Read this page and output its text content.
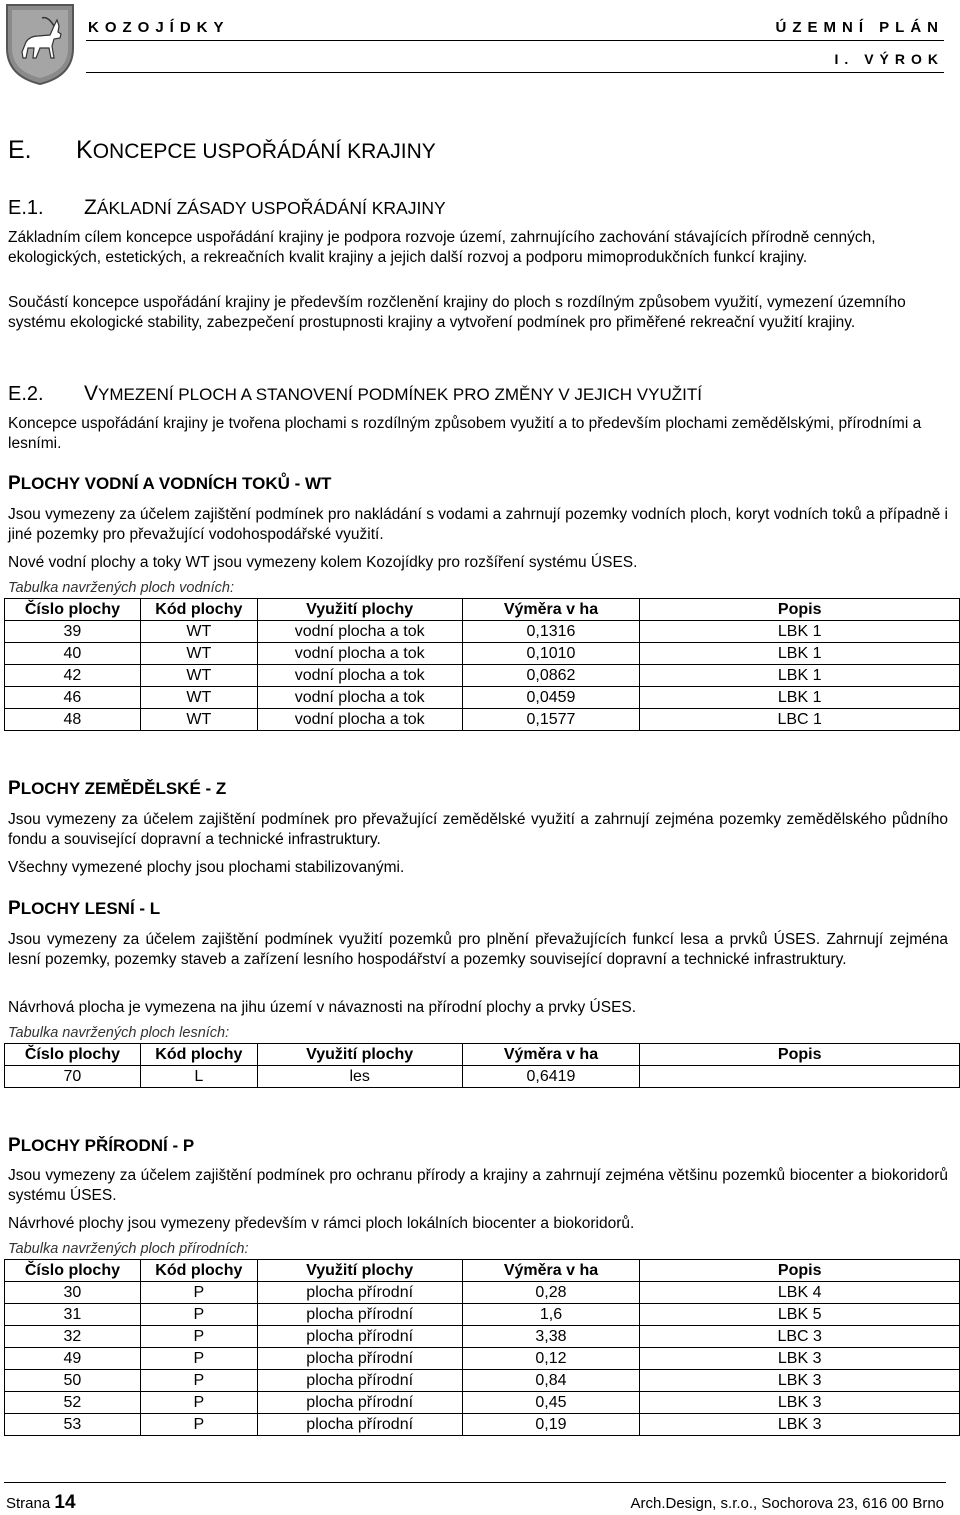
KOZOJÍDKY	ÚZEMNÍ PLÁN
I. VÝROK
E. KONCEPCE USPOŘÁDÁNÍ KRAJINY
E.1. ZÁKLADNÍ ZÁSADY USPOŘÁDÁNÍ KRAJINY
Základním cílem koncepce uspořádání krajiny je podpora rozvoje území, zahrnujícího zachování stávajících přírodně cenných, ekologických, estetických, a rekreačních kvalit krajiny a jejich další rozvoj a podporu mimoprodukčních funkcí krajiny.
Součástí koncepce uspořádání krajiny je především rozčlenění krajiny do ploch s rozdílným způsobem využití, vymezení územního systému ekologické stability, zabezpečení prostupnosti krajiny a vytvoření podmínek pro přiměřené rekreační využití krajiny.
E.2. VYMEZENÍ PLOCH A STANOVENÍ PODMÍNEK PRO ZMĚNY V JEJICH VYUŽITÍ
Koncepce uspořádání krajiny je tvořena plochami s rozdílným způsobem využití a to především plochami zemědělskými, přírodními a lesními.
PLOCHY VODNÍ A VODNÍCH TOKŮ - WT
Jsou vymezeny za účelem zajištění podmínek pro nakládání s vodami a zahrnují pozemky vodních ploch, koryt vodních toků a případně i jiné pozemky pro převažující vodohospodářské využití.
Nové vodní plochy a toky WT jsou vymezeny kolem Kozojídky pro rozšíření systému ÚSES.
Tabulka navržených ploch vodních:
Číslo plochy	Kód plochy	Využití plochy	Výměra v ha	Popis
39	WT	vodní plocha a tok	0,1316	LBK 1
40	WT	vodní plocha a tok	0,1010	LBK 1
42	WT	vodní plocha a tok	0,0862	LBK 1
46	WT	vodní plocha a tok	0,0459	LBK 1
48	WT	vodní plocha a tok	0,1577	LBC 1
PLOCHY ZEMĚDĚLSKÉ - Z
Jsou vymezeny za účelem zajištění podmínek pro převažující zemědělské využití a zahrnují zejména pozemky zemědělského půdního fondu a související dopravní a technické infrastruktury.
Všechny vymezené plochy jsou plochami stabilizovanými.
PLOCHY LESNÍ - L
Jsou vymezeny za účelem zajištění podmínek využití pozemků pro plnění převažujících funkcí lesa a prvků ÚSES. Zahrnují zejména lesní pozemky, pozemky staveb a zařízení lesního hospodářství a pozemky související dopravní a technické infrastruktury.
Návrhová plocha je vymezena na jihu území v návaznosti na přírodní plochy a prvky ÚSES.
Tabulka navržených ploch lesních:
Číslo plochy	Kód plochy	Využití plochy	Výměra v ha	Popis
70	L	les	0,6419	
PLOCHY PŘÍRODNÍ - P
Jsou vymezeny za účelem zajištění podmínek pro ochranu přírody a krajiny a zahrnují zejména většinu pozemků biocenter a biokoridorů systému ÚSES.
Návrhové plochy jsou vymezeny především v rámci ploch lokálních biocenter a biokoridorů.
Tabulka navržených ploch přírodních:
Číslo plochy	Kód plochy	Využití plochy	Výměra v ha	Popis
30	P	plocha přírodní	0,28	LBK 4
31	P	plocha přírodní	1,6	LBK 5
32	P	plocha přírodní	3,38	LBC 3
49	P	plocha přírodní	0,12	LBK 3
50	P	plocha přírodní	0,84	LBK 3
52	P	plocha přírodní	0,45	LBK 3
53	P	plocha přírodní	0,19	LBK 3
Strana 14	Arch.Design, s.r.o., Sochorova 23, 616 00 Brno
